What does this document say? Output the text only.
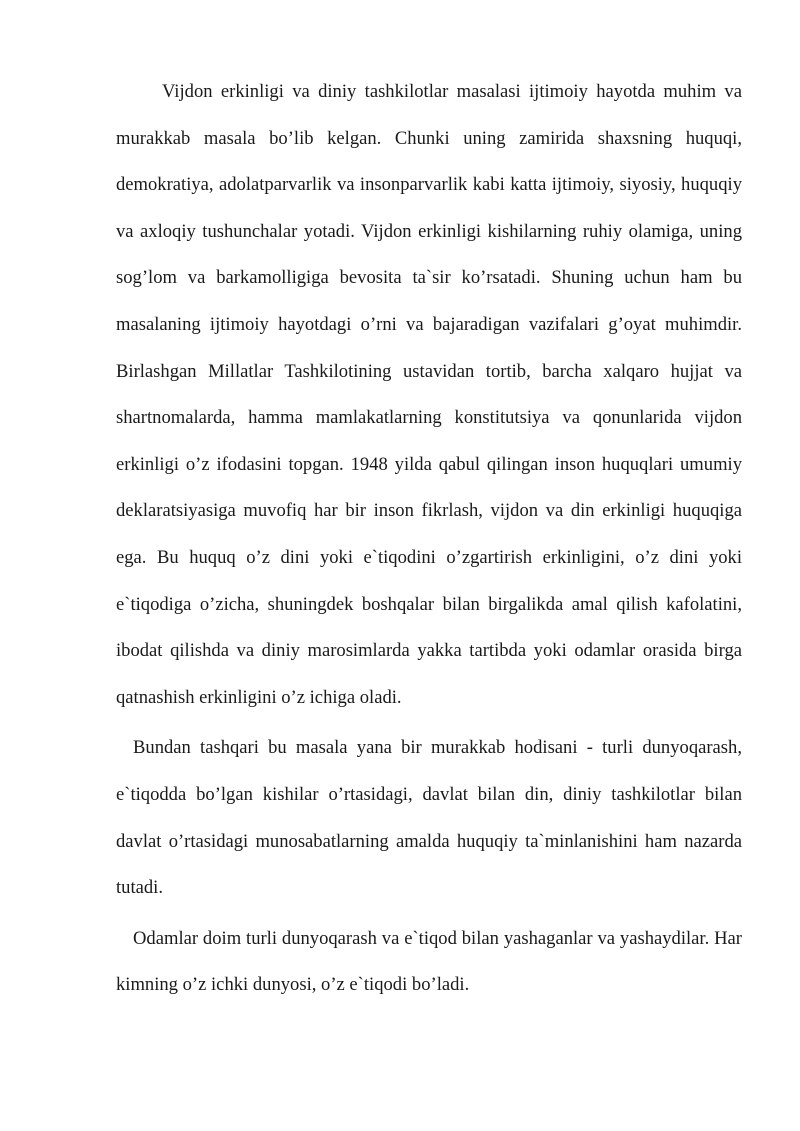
Vijdon erkinligi va diniy tashkilotlar masalasi ijtimoiy hayotda muhim va murakkab masala bo’lib kelgan. Chunki uning zamirida shaxsning huquqi, demokratiya, adolatparvarlik va insonparvarlik kabi katta ijtimoiy, siyosiy, huquqiy va axloqiy tushunchalar yotadi. Vijdon erkinligi kishilarning ruhiy olamiga, uning sog’lom va barkamolligiga bevosita ta`sir ko’rsatadi. Shuning uchun ham bu masalaning ijtimoiy hayotdagi o’rni va bajaradigan vazifalari g’oyat muhimdir. Birlashgan Millatlar Tashkilotining ustavidan tortib, barcha xalqaro hujjat va shartnomalarda, hamma mamlakatlarning konstitutsiya va qonunlarida vijdon erkinligi o’z ifodasini topgan. 1948 yilda qabul qilingan inson huquqlari umumiy deklaratsiyasiga muvofiq har bir inson fikrlash, vijdon va din erkinligi huquqiga ega. Bu huquq o’z dini yoki e`tiqodini o’zgartirish erkinligini, o’z dini yoki e`tiqodiga o’zicha, shuningdek boshqalar bilan birgalikda amal qilish kafolatini, ibodat qilishda va diniy marosimlarda yakka tartibda yoki odamlar orasida birga qatnashish erkinligini o’z ichiga oladi.

Bundan tashqari bu masala yana bir murakkab hodisani - turli dunyoqarash, e`tiqodda bo’lgan kishilar o’rtasidagi, davlat bilan din, diniy tashkilotlar bilan davlat o’rtasidagi munosabatlarning amalda huquqiy ta`minlanishini ham nazarda tutadi.

Odamlar doim turli dunyoqarash va e`tiqod bilan yashaganlar va yashaydilar. Har kimning o’z ichki dunyosi, o’z e`tiqodi bo’ladi.
